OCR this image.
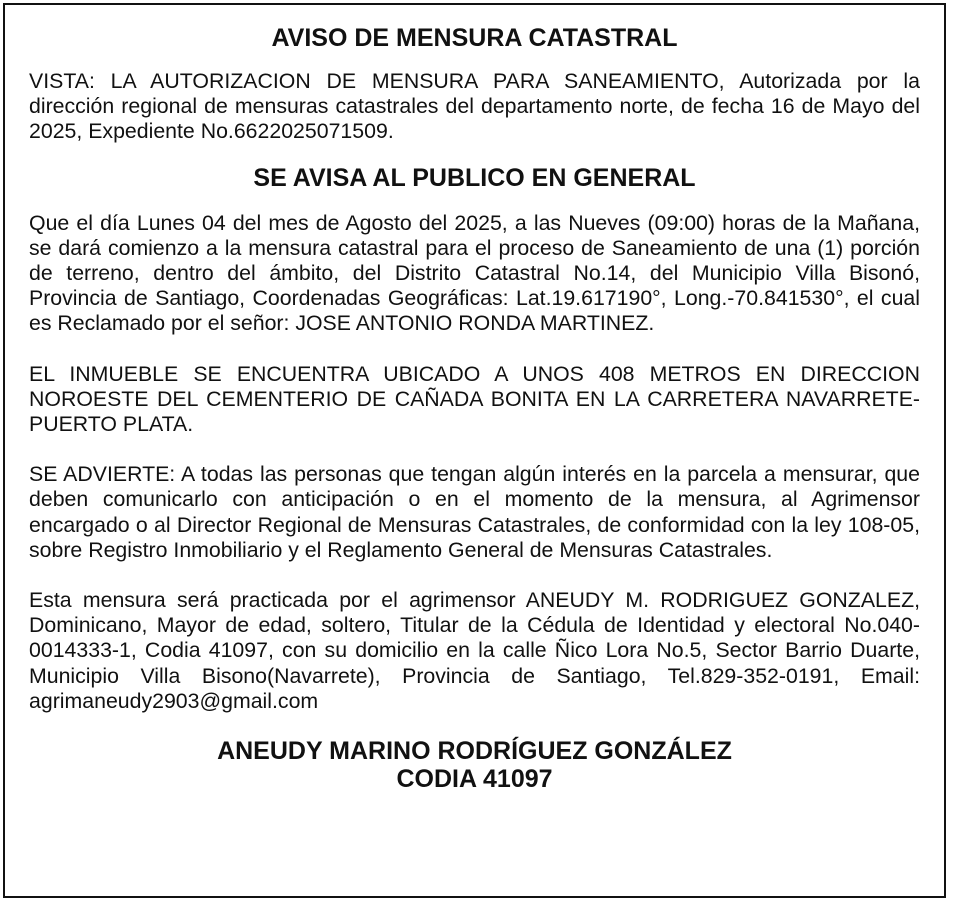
AVISO DE MENSURA CATASTRAL

VISTA: LA AUTORIZACION DE MENSURA PARA SANEAMIENTO, Autorizada por la dirección regional de mensuras catastrales del departamento norte, de fecha 16 de Mayo del 2025, Expediente No.6622025071509.

SE AVISA AL PUBLICO EN GENERAL

Que el día Lunes 04 del mes de Agosto del 2025, a las Nueves (09:00) horas de la Mañana, se dará comienzo a la mensura catastral para el proceso de Saneamiento de una (1) porción de terreno, dentro del ámbito, del Distrito Catastral No.14, del Municipio Villa Bisonó, Provincia de Santiago, Coordenadas Geográficas: Lat.19.617190°, Long.-70.841530°, el cual es Reclamado por el señor: JOSE ANTONIO RONDA MARTINEZ.

EL INMUEBLE SE ENCUENTRA UBICADO A UNOS 408 METROS EN DIRECCION NOROESTE DEL CEMENTERIO DE CAÑADA BONITA EN LA CARRETERA NAVARRETE-PUERTO PLATA.

SE ADVIERTE: A todas las personas que tengan algún interés en la parcela a mensurar, que deben comunicarlo con anticipación o en el momento de la mensura, al Agrimensor encargado o al Director Regional de Mensuras Catastrales, de conformidad con la ley 108-05, sobre Registro Inmobiliario y el Reglamento General de Mensuras Catastrales.

Esta mensura será practicada por el agrimensor ANEUDY M. RODRIGUEZ GONZALEZ, Dominicano, Mayor de edad, soltero, Titular de la Cédula de Identidad y electoral No.040-0014333-1, Codia 41097, con su domicilio en la calle Ñico Lora No.5, Sector Barrio Duarte, Municipio Villa Bisono(Navarrete), Provincia de Santiago, Tel.829-352-0191, Email: agrimaneudy2903@gmail.com

ANEUDY MARINO RODRÍGUEZ GONZÁLEZ
CODIA 41097
